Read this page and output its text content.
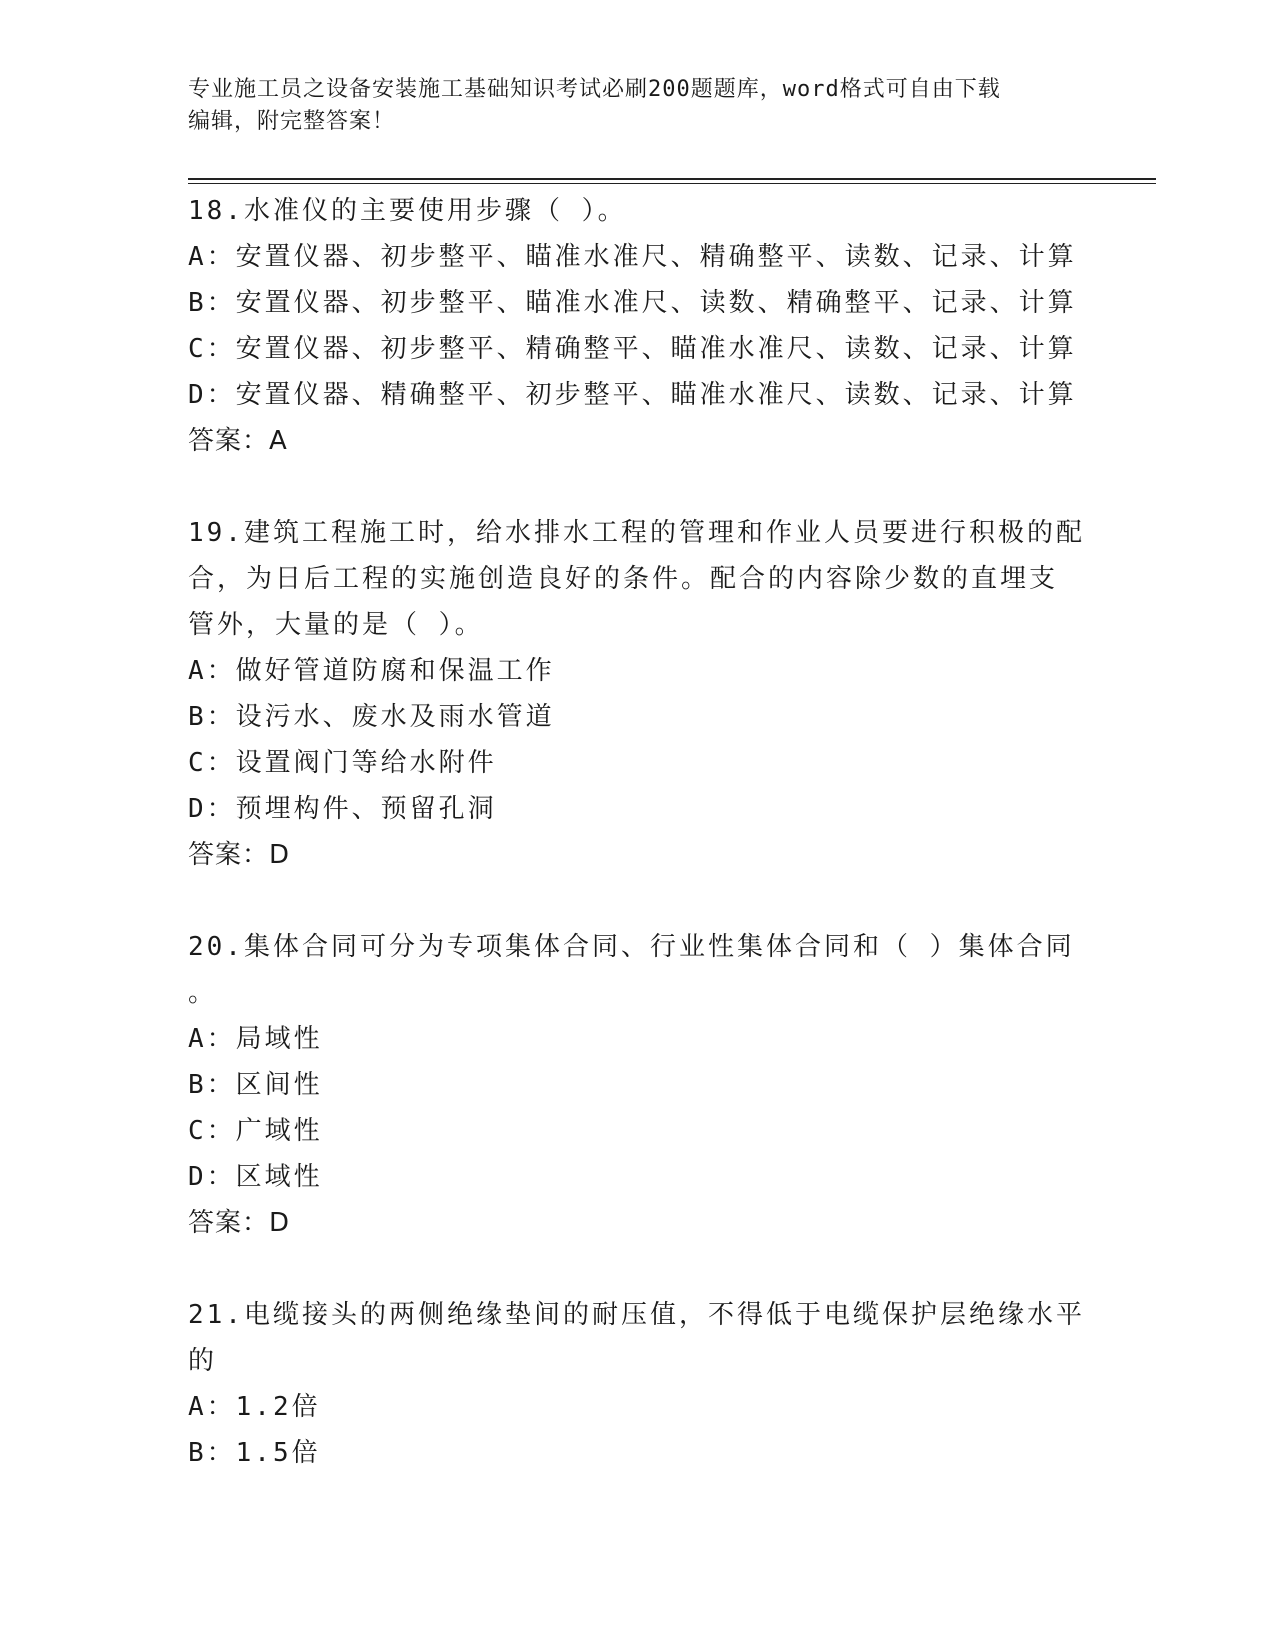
专业施工员之设备安装施工基础知识考试必刷200题题库，word格式可自由下载
编辑，附完整答案！
18.水准仪的主要使用步骤（ ）。
A：安置仪器、初步整平、瞄准水准尺、精确整平、读数、记录、计算
B：安置仪器、初步整平、瞄准水准尺、读数、精确整平、记录、计算
C：安置仪器、初步整平、精确整平、瞄准水准尺、读数、记录、计算
D：安置仪器、精确整平、初步整平、瞄准水准尺、读数、记录、计算
答案：A
19.建筑工程施工时，给水排水工程的管理和作业人员要进行积极的配
合，为日后工程的实施创造良好的条件。配合的内容除少数的直埋支
管外，大量的是（ ）。
A：做好管道防腐和保温工作
B：设污水、废水及雨水管道
C：设置阀门等给水附件
D：预埋构件、预留孔洞
答案：D
20.集体合同可分为专项集体合同、行业性集体合同和（ ）集体合同
。
A：局域性
B：区间性
C：广域性
D：区域性
答案：D
21.电缆接头的两侧绝缘垫间的耐压值，不得低于电缆保护层绝缘水平
的
A：1.2倍
B：1.5倍
